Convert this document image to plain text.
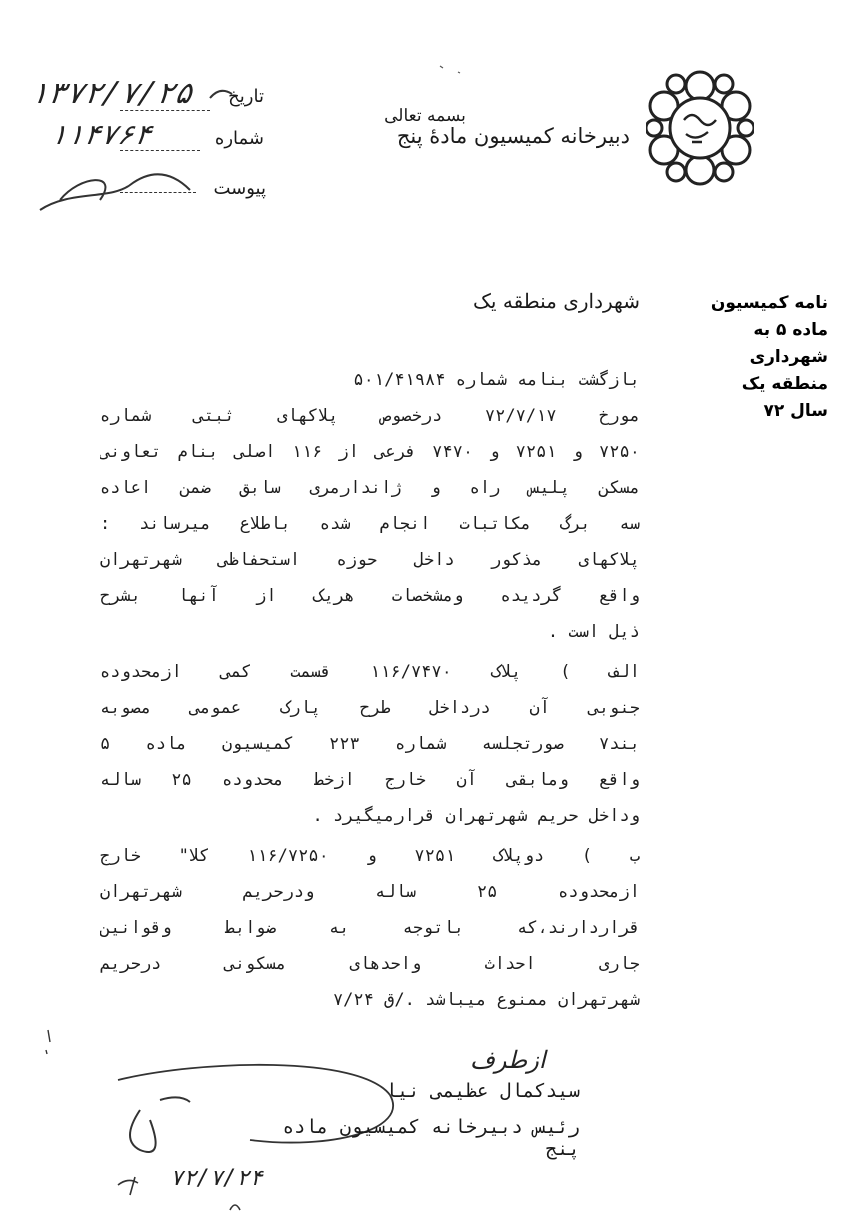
بسمه تعالی
دبیرخانه کمیسیون مادهٔ پنج
تاریخ
شماره
پیوست
۱۳۷۲/۷/۲۵
۱۱۴۷۶۴
نامه کمیسیون
ماده ۵ به
شهرداری
منطقه یک
سال ۷۲
شهرداری منطقه یک
بازگشت بنامه شماره ۵۰۱/۴۱۹۸۴
مورخ ۷۲/۷/۱۷ درخصوص پلاکهای ثبتی شماره
۷۲۵۰ و ۷۲۵۱ و ۷۴۷۰ فرعی از ۱۱۶ اصلی بنام تعاونی
مسکن پلیس راه و ژاندارمری سابق ضمن اعاده
سه برگ مکاتبات انجام شده باطلاع میرساند :
پلاکهای مذکور داخل حوزه استحفاظی شهرتهران
واقع گردیده ومشخصات هریک از آنها بشرح
ذیل است .
الف ) پلاک ۱۱۶/۷۴۷۰ قسمت کمی ازمحدوده
جنوبی آن درداخل طرح پارک عمومی مصوبه
بند۷ صورتجلسه شماره ۲۲۳ کمیسیون ماده ۵
واقع ومابقی آن خارج ازخط محدوده ۲۵ ساله
وداخل حریم شهرتهران قرارمیگیرد .
ب ) دوپلاک ۷۲۵۱ و ۱۱۶/۷۲۵۰ کلا" خارج
ازمحدوده ۲۵ ساله ودرحریم شهرتهران
قراردارند،که باتوجه به ضوابط وقوانین
جاری احداث واحدهای مسکونی درحریم
شهرتهران ممنوع میباشد ./ق ۷/۲۴
ازطرف
سیدکمال عظیمی نیا
رئیس دبیرخانه کمیسیون ماده پنج
۷۲/۷/۲۴
